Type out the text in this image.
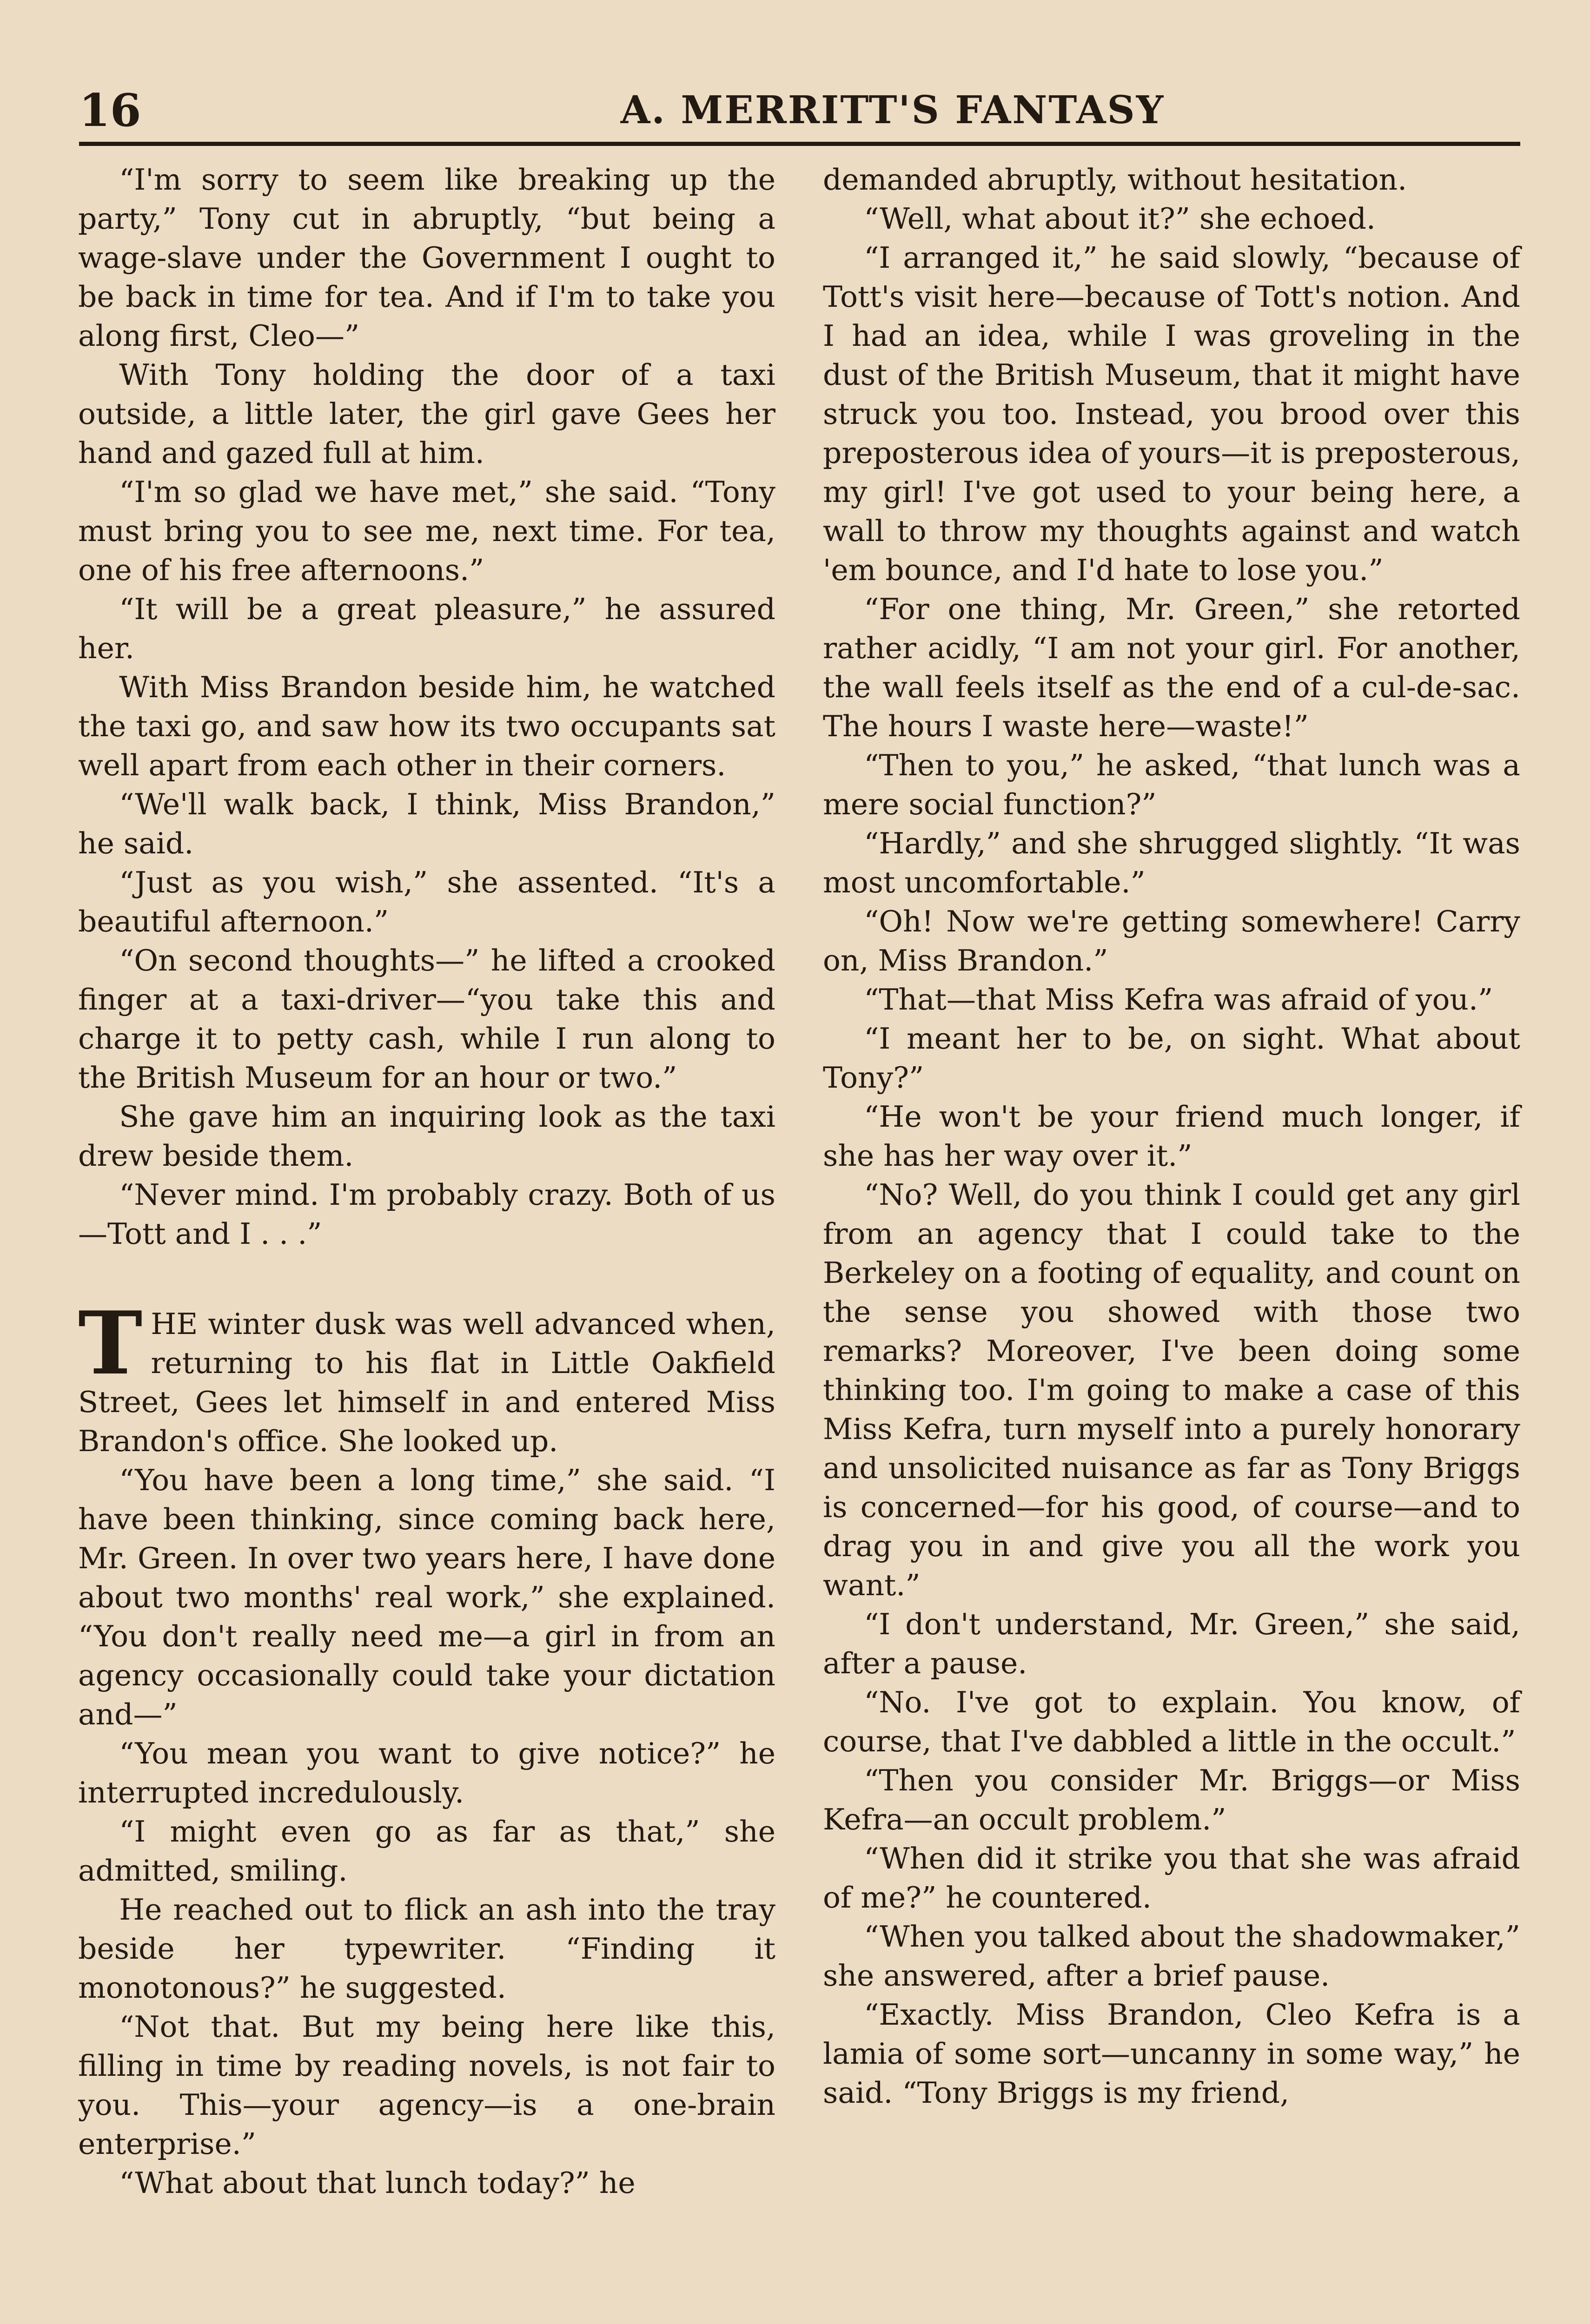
16	A. MERRITT'S FANTASY

“I'm sorry to seem like breaking up the party,” Tony cut in abruptly, “but being a wage-slave under the Government I ought to be back in time for tea. And if I'm to take you along first, Cleo—”

With Tony holding the door of a taxi outside, a little later, the girl gave Gees her hand and gazed full at him.

“I'm so glad we have met,” she said. “Tony must bring you to see me, next time. For tea, one of his free afternoons.”

“It will be a great pleasure,” he assured her.

With Miss Brandon beside him, he watched the taxi go, and saw how its two occupants sat well apart from each other in their corners.

“We'll walk back, I think, Miss Brandon,” he said.

“Just as you wish,” she assented. “It's a beautiful afternoon.”

“On second thoughts—” he lifted a crooked finger at a taxi-driver—“you take this and charge it to petty cash, while I run along to the British Museum for an hour or two.”

She gave him an inquiring look as the taxi drew beside them.

“Never mind. I'm probably crazy. Both of us—Tott and I . . .”

THE winter dusk was well advanced when, returning to his flat in Little Oakfield Street, Gees let himself in and entered Miss Brandon's office. She looked up.

“You have been a long time,” she said. “I have been thinking, since coming back here, Mr. Green. In over two years here, I have done about two months' real work,” she explained. “You don't really need me—a girl in from an agency occasionally could take your dictation and—”

“You mean you want to give notice?” he interrupted incredulously.

“I might even go as far as that,” she admitted, smiling.

He reached out to flick an ash into the tray beside her typewriter. “Finding it monotonous?” he suggested.

“Not that. But my being here like this, filling in time by reading novels, is not fair to you. This—your agency—is a one-brain enterprise.”

“What about that lunch today?” he

demanded abruptly, without hesitation.

“Well, what about it?” she echoed.

“I arranged it,” he said slowly, “because of Tott's visit here—because of Tott's notion. And I had an idea, while I was groveling in the dust of the British Museum, that it might have struck you too. Instead, you brood over this preposterous idea of yours—it is preposterous, my girl! I've got used to your being here, a wall to throw my thoughts against and watch 'em bounce, and I'd hate to lose you.”

“For one thing, Mr. Green,” she retorted rather acidly, “I am not your girl. For another, the wall feels itself as the end of a cul-de-sac. The hours I waste here—waste!”

“Then to you,” he asked, “that lunch was a mere social function?”

“Hardly,” and she shrugged slightly. “It was most uncomfortable.”

“Oh! Now we're getting somewhere! Carry on, Miss Brandon.”

“That—that Miss Kefra was afraid of you.”

“I meant her to be, on sight. What about Tony?”

“He won't be your friend much longer, if she has her way over it.”

“No? Well, do you think I could get any girl from an agency that I could take to the Berkeley on a footing of equality, and count on the sense you showed with those two remarks? Moreover, I've been doing some thinking too. I'm going to make a case of this Miss Kefra, turn myself into a purely honorary and unsolicited nuisance as far as Tony Briggs is concerned—for his good, of course—and to drag you in and give you all the work you want.”

“I don't understand, Mr. Green,” she said, after a pause.

“No. I've got to explain. You know, of course, that I've dabbled a little in the occult.”

“Then you consider Mr. Briggs—or Miss Kefra—an occult problem.”

“When did it strike you that she was afraid of me?” he countered.

“When you talked about the shadowmaker,” she answered, after a brief pause.

“Exactly. Miss Brandon, Cleo Kefra is a lamia of some sort—uncanny in some way,” he said. “Tony Briggs is my friend,
